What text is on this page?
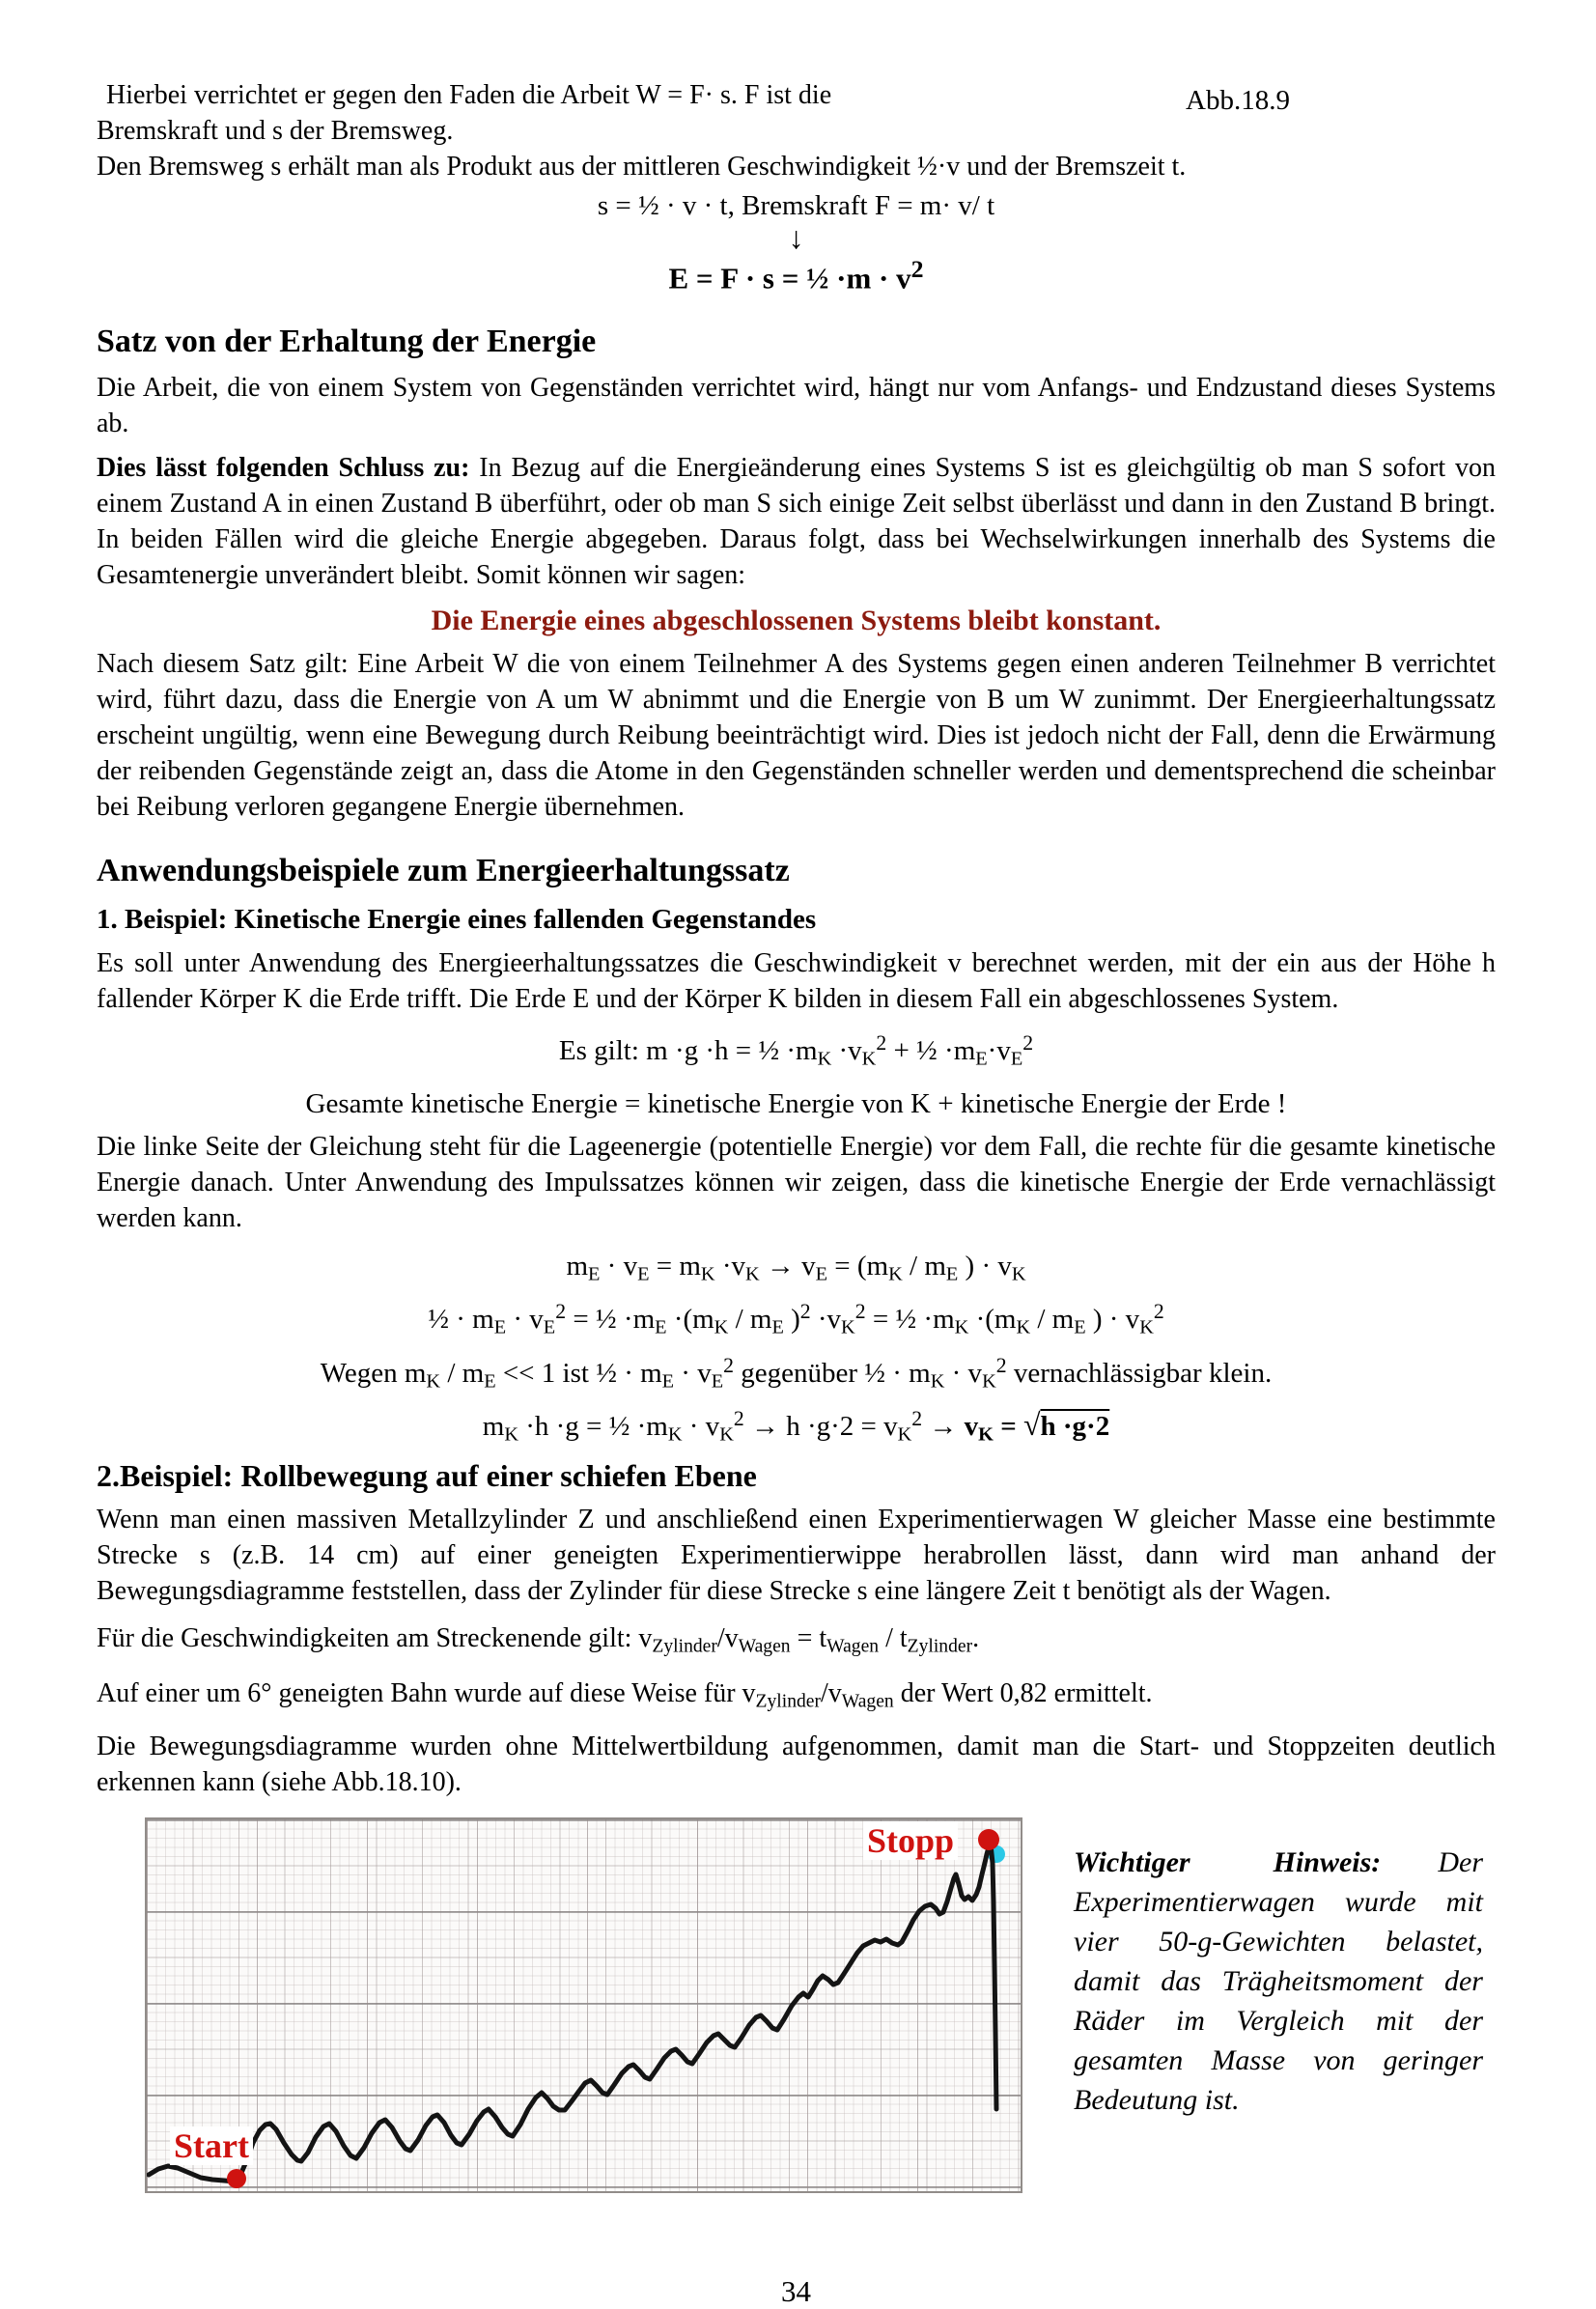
Abb.18.9
Hierbei verrichtet er gegen den Faden die Arbeit W = F· s. F ist die
Bremskraft und s der Bremsweg.
Den Bremsweg s erhält man als Produkt aus der mittleren Geschwindigkeit ½·v und der Bremszeit t.
s = ½ · v · t, Bremskraft F = m· v/ t
↓
E = F · s = ½ $\cdot m \cdot v^2$
Satz von der Erhaltung der Energie

Die Arbeit, die von einem System von Gegenständen verrichtet wird, hängt nur vom Anfangs- und Endzustand dieses Systems ab.

Dies lässt folgenden Schluss zu: In Bezug auf die Energieänderung eines Systems S ist es gleichgültig ob man S sofort von einem Zustand A in einen Zustand B überführt, oder ob man S sich einige Zeit selbst überlässt und dann in den Zustand B bringt. In beiden Fällen wird die gleiche Energie abgegeben. Daraus folgt, dass bei Wechselwirkungen innerhalb des Systems die Gesamtenergie unverändert bleibt. Somit können wir sagen:

Die Energie eines abgeschlossenen Systems bleibt konstant.

Nach diesem Satz gilt: Eine Arbeit W die von einem Teilnehmer A des Systems gegen einen anderen Teilnehmer B verrichtet wird, führt dazu, dass die Energie von A um W abnimmt und die Energie von B um W zunimmt. Der Energieerhaltungssatz erscheint ungültig, wenn eine Bewegung durch Reibung beeinträchtigt wird. Dies ist jedoch nicht der Fall, denn die Erwärmung der reibenden Gegenstände zeigt an, dass die Atome in den Gegenständen schneller werden und dementsprechend die scheinbar bei Reibung verloren gegangene Energie übernehmen.

Anwendungsbeispiele zum Energieerhaltungssatz
1. Beispiel: Kinetische Energie eines fallenden Gegenstandes

Es soll unter Anwendung des Energieerhaltungssatzes die Geschwindigkeit v berechnet werden, mit der ein aus der Höhe h fallender Körper K die Erde trifft. Die Erde E und der Körper K bilden in diesem Fall ein abgeschlossenes System.

Es gilt: m ·g ·h = ½ $\cdot m_K \cdot v_K^2$ + ½ $\cdot m_E\cdot v_E^2$
Gesamte kinetische Energie = kinetische Energie von K + kinetische Energie der Erde !

Die linke Seite der Gleichung steht für die Lageenergie (potentielle Energie) vor dem Fall, die rechte für die gesamte kinetische Energie danach. Unter Anwendung des Impulssatzes können wir zeigen, dass die kinetische Energie der Erde vernachlässigt werden kann.

$m_E \cdot v_E = m_K \cdot v_K \to v_E = (m_K / m_E$ ) · $v_K$
½ · $m_E \cdot v_E^2$ = ½ $\cdot m_E \cdot(m_K / m_E$ )$^2 \cdot v_K^2$ = ½ $\cdot m_K \cdot(m_K / m_E$ ) · $v_K^2$
Wegen $m_K / m_E << 1$ ist ½ · $m_E \cdot v_E^2$ gegenüber ½ · $m_K \cdot v_K^2$ vernachlässigbar klein.
$m_K \cdot h \cdot g$ = ½ $\cdot m_K \cdot v_K^2 \to h \cdot g\cdot 2 = v_K^2 \to v_K = √h \cdot g\cdot 2$
2.Beispiel: Rollbewegung auf einer schiefen Ebene

Wenn man einen massiven Metallzylinder Z und anschließend einen Experimentierwagen W gleicher Masse eine bestimmte Strecke s (z.B. 14 cm) auf einer geneigten Experimentierwippe herabrollen lässt, dann wird man anhand der Bewegungsdiagramme feststellen, dass der Zylinder für diese Strecke s eine längere Zeit t benötigt als der Wagen.

Für die Geschwindigkeiten am Streckenende gilt: $v_{Zylinder}/v_{Wagen} = t_{Wagen} / t_{Zylinder}$.
Auf einer um 6° geneigten Bahn wurde auf diese Weise für $v_{Zylinder}/v_{Wagen}$ der Wert 0,82 ermittelt.

Die Bewegungsdiagramme wurden ohne Mittelwertbildung aufgenommen, damit man die Start- und Stoppzeiten deutlich erkennen kann (siehe Abb.18.10).

Start
Stopp
Wichtiger Hinweis: Der Experimentierwagen wurde mit vier 50-g-Gewichten belastet, damit das Trägheitsmoment der Räder im Vergleich mit der gesamten Masse von geringer Bedeutung ist.
34
